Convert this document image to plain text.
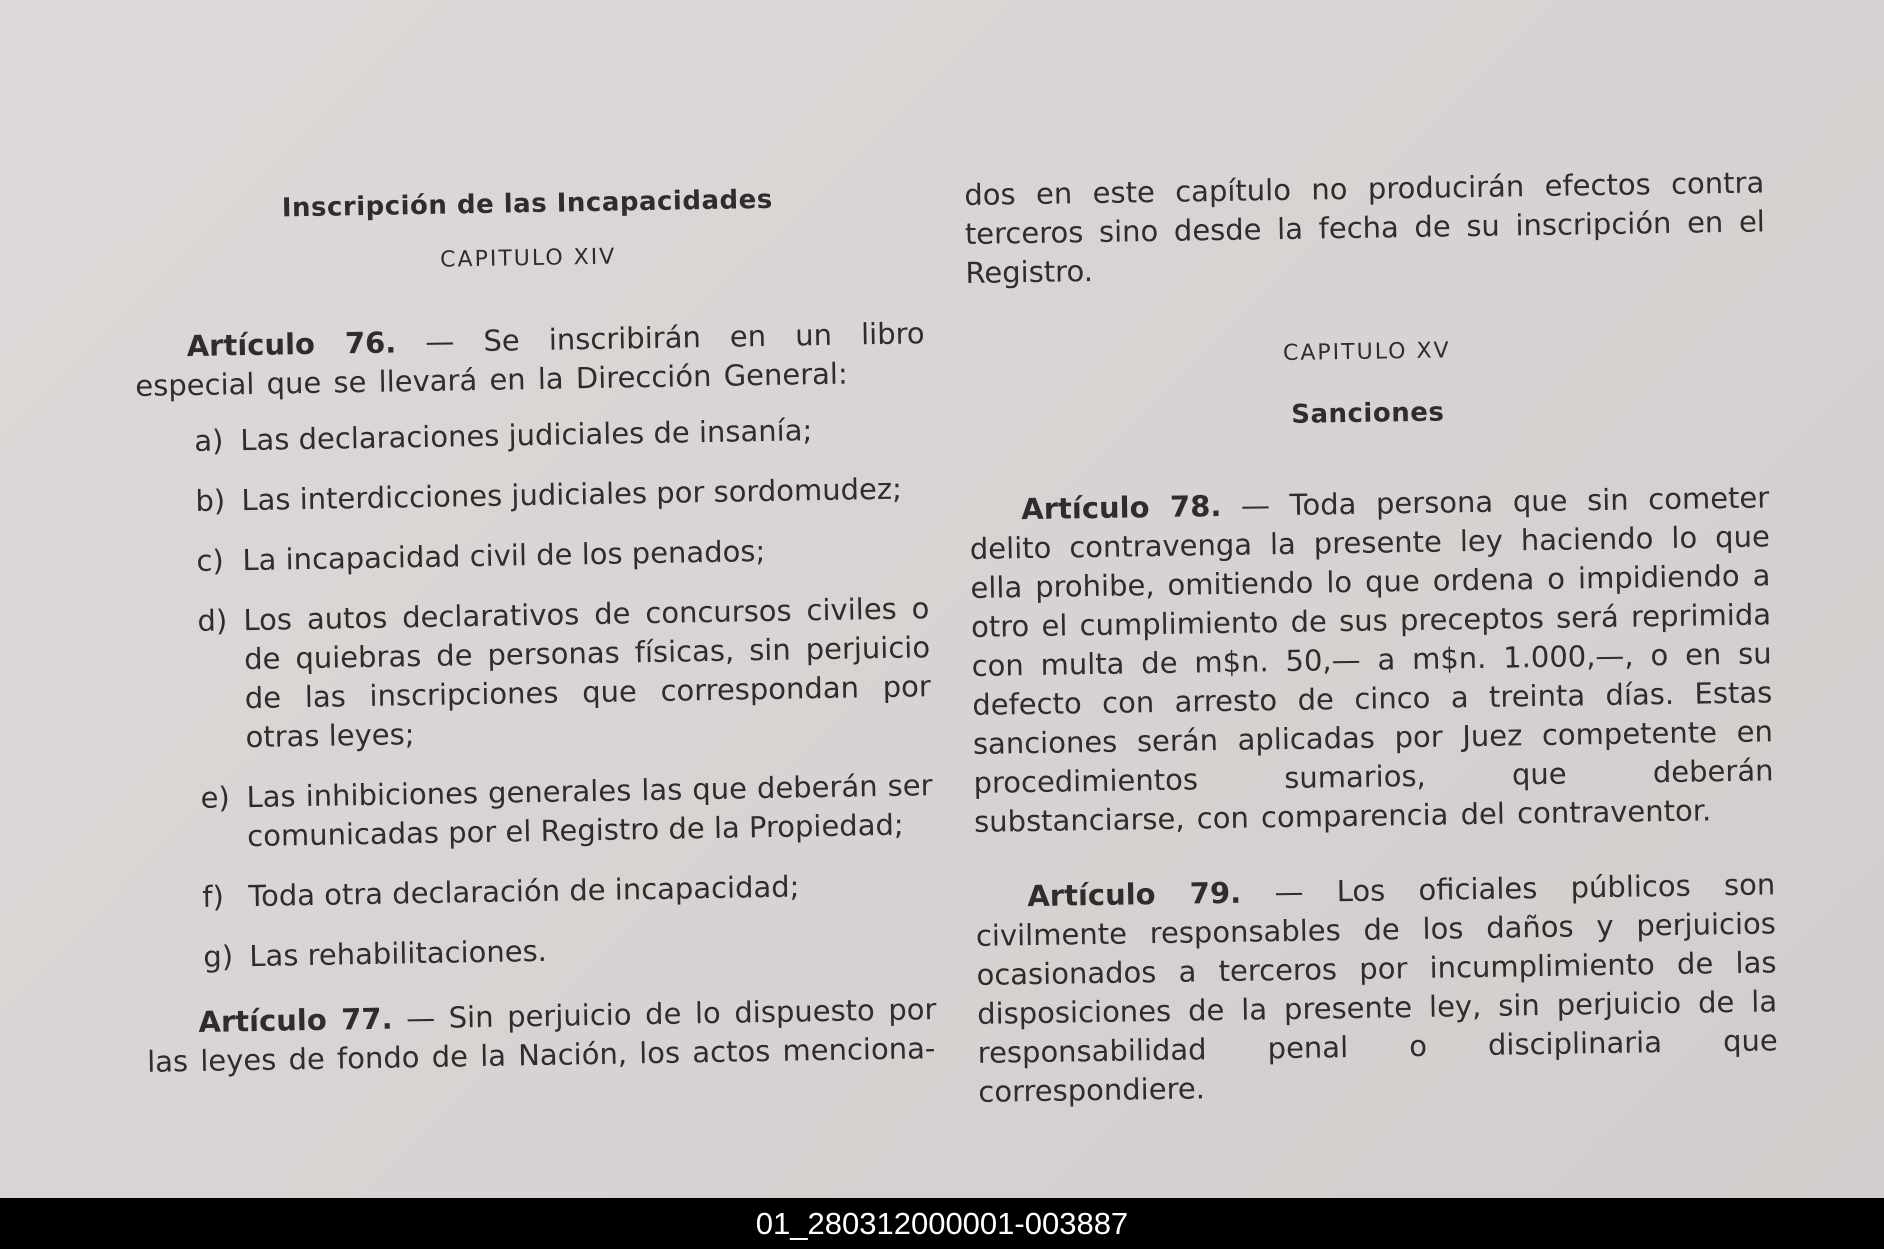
Inscripción de las Incapacidades
CAPITULO XIV

Artículo 76. — Se inscribirán en un libro especial que se llevará en la Dirección General:

a) Las declaraciones judiciales de insanía;
b) Las interdicciones judiciales por sordomudez;
c) La incapacidad civil de los penados;
d) Los autos declarativos de concursos civiles o de quiebras de personas físicas, sin perjuicio de las inscripciones que correspondan por otras leyes;
e) Las inhibiciones generales las que deberán ser comunicadas por el Registro de la Propiedad;
f) Toda otra declaración de incapacidad;
g) Las rehabilitaciones.

Artículo 77. — Sin perjuicio de lo dispuesto por las leyes de fondo de la Nación, los actos menciona-

dos en este capítulo no producirán efectos contra terceros sino desde la fecha de su inscripción en el Registro.

CAPITULO XV
Sanciones

Artículo 78. — Toda persona que sin cometer delito contravenga la presente ley haciendo lo que ella prohibe, omitiendo lo que ordena o impidiendo a otro el cumplimiento de sus preceptos será reprimida con multa de m$n. 50,— a m$n. 1.000,—, o en su defecto con arresto de cinco a treinta días. Estas sanciones serán aplicadas por Juez competente en procedimientos sumarios, que deberán substanciarse, con comparencia del contraventor.

Artículo 79. — Los oficiales públicos son civilmente responsables de los daños y perjuicios ocasionados a terceros por incumplimiento de las disposiciones de la presente ley, sin perjuicio de la responsabilidad penal o disciplinaria que correspondiere.

01_280312000001-003887
